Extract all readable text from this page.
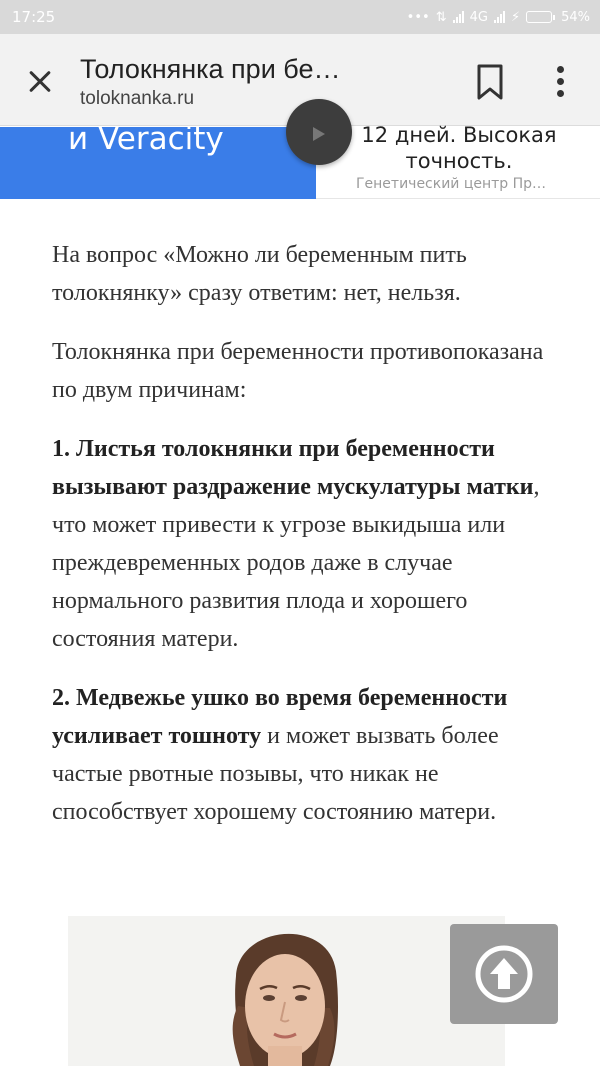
17:25	••• ⇅ 4G ⚡	54%
Толокнянка при бе…
toloknanka.ru
и Veracity	12 дней. Высокая
точность.
Генетический центр Пр…

На вопрос «Можно ли беременным пить толокнянку» сразу ответим: нет, нельзя.

Толокнянка при беременности противопоказана по двум причинам:

1. Листья толокнянки при беременности вызывают раздражение мускулатуры матки, что может привести к угрозе выкидыша или преждевременных родов даже в случае нормального развития плода и хорошего состояния матери.

2. Медвежье ушко во время беременности усиливает тошноту и может вызвать более частые рвотные позывы, что никак не способствует хорошему состоянию матери.
